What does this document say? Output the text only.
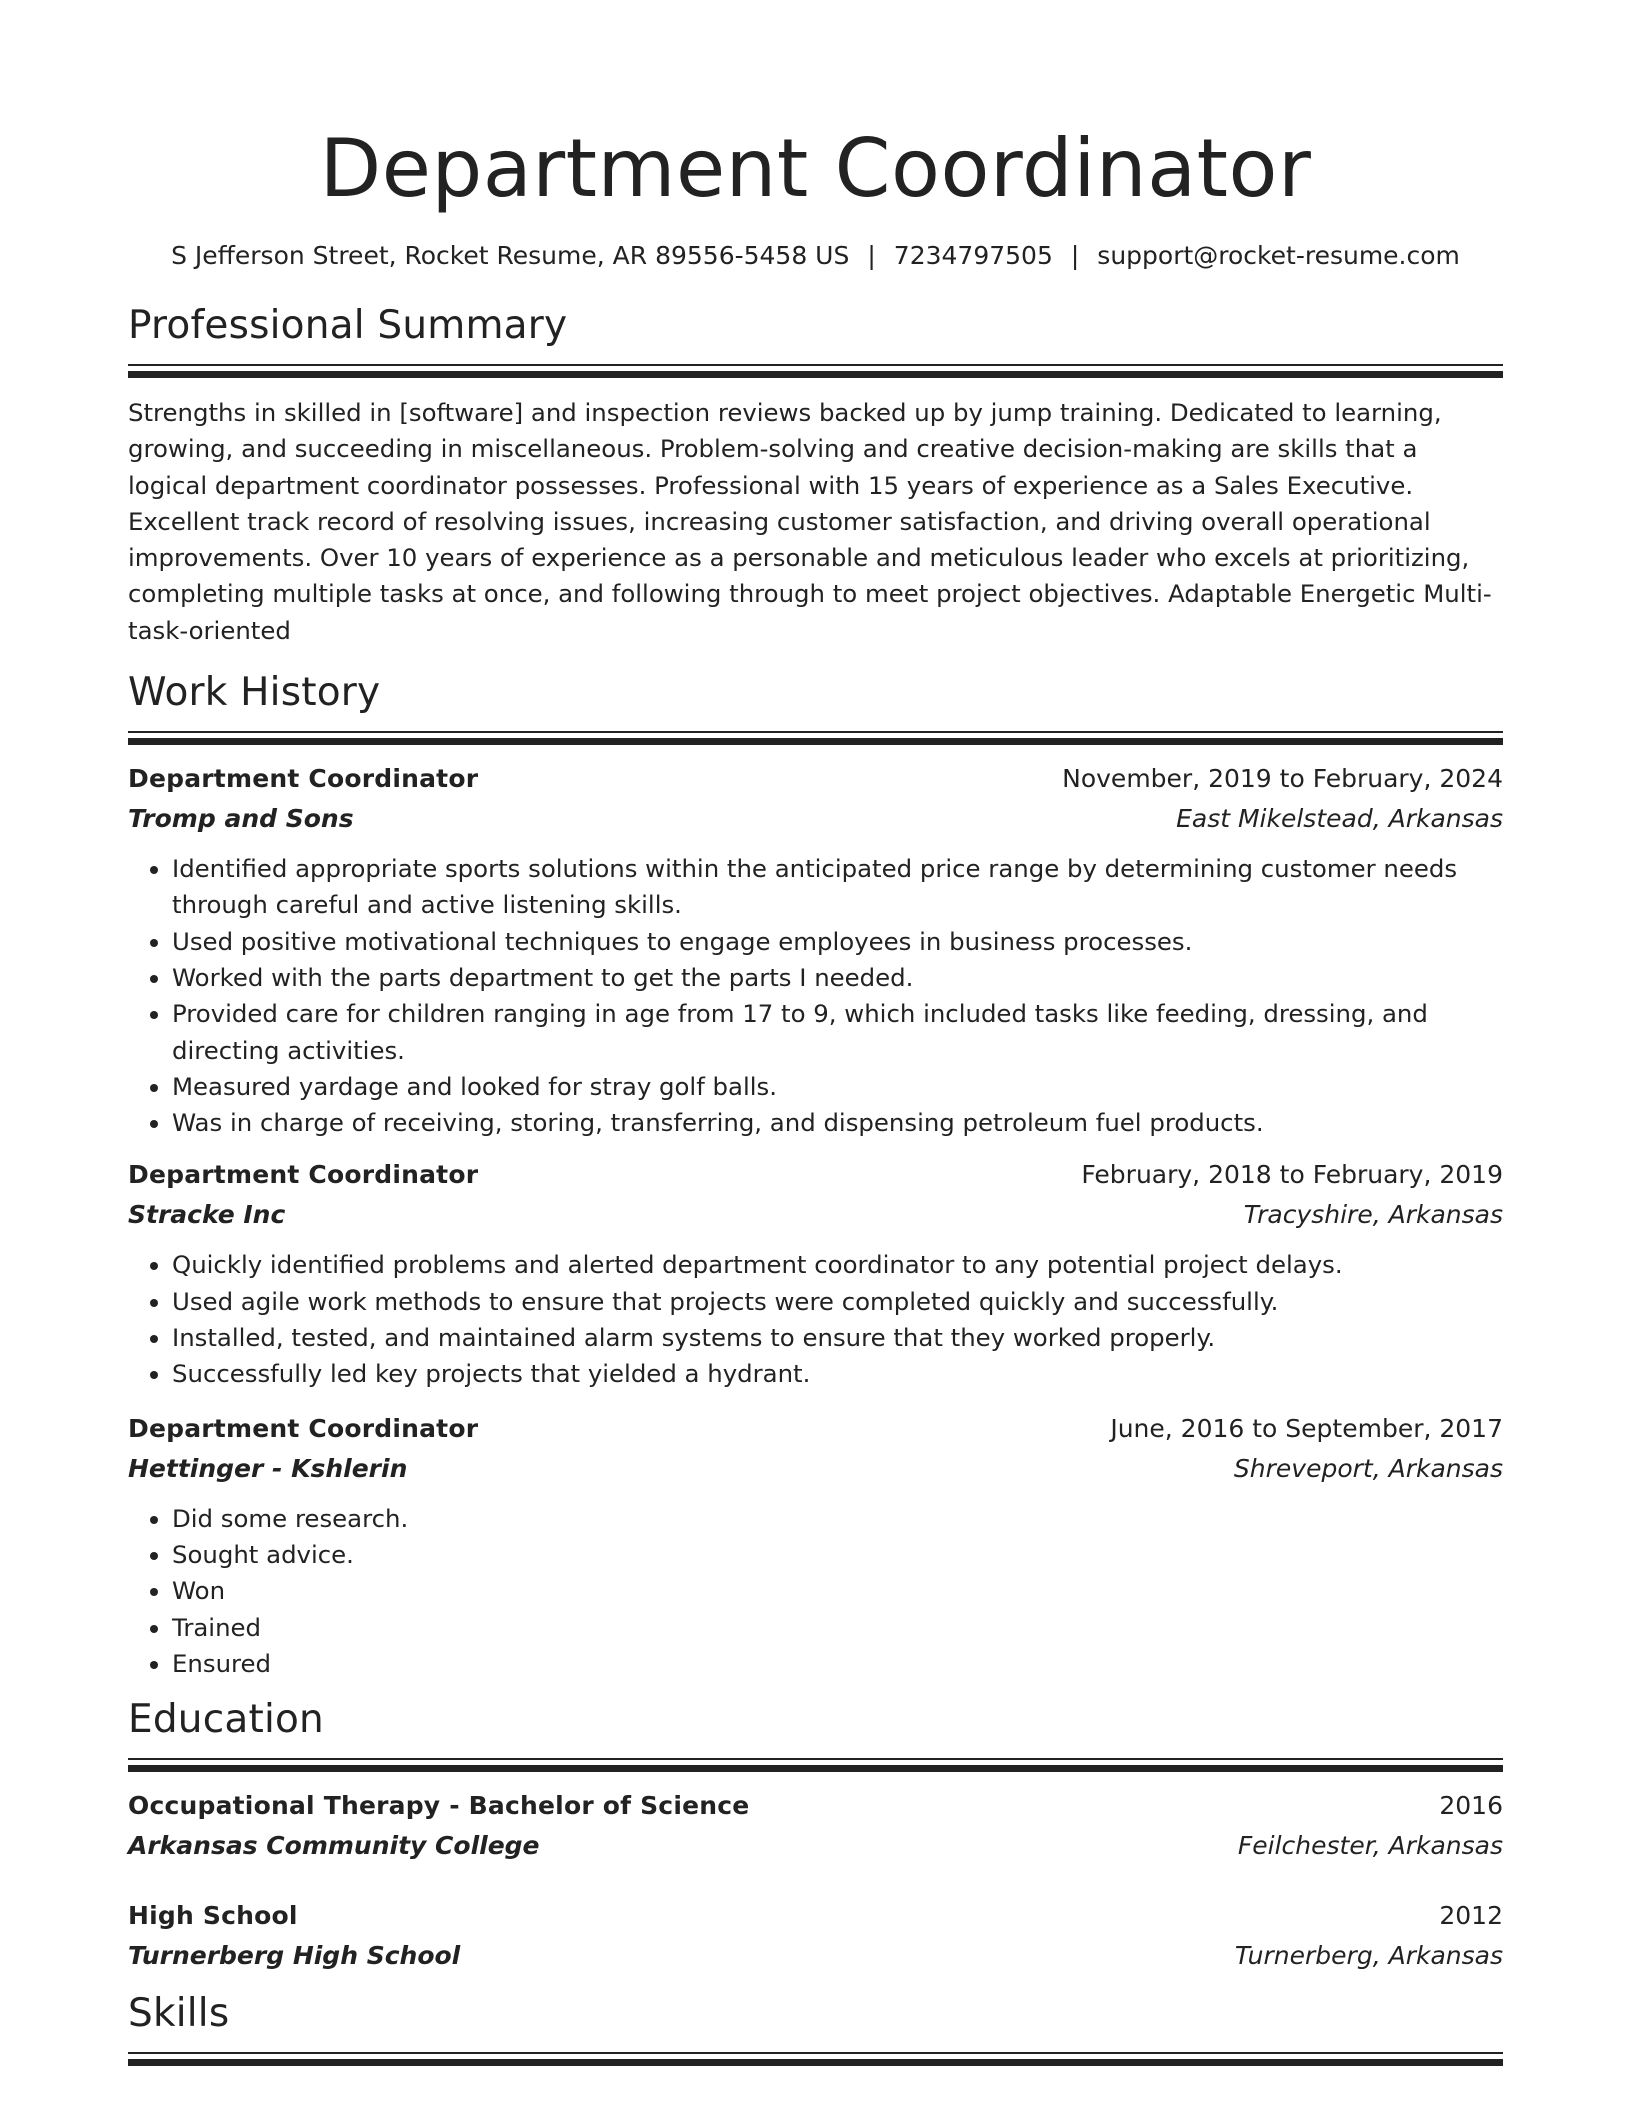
Department Coordinator
S Jefferson Street, Rocket Resume, AR 89556-5458 US | 7234797505 | support@rocket-resume.com
Professional Summary
Strengths in skilled in [software] and inspection reviews backed up by jump training. Dedicated to learning, growing, and succeeding in miscellaneous. Problem-solving and creative decision-making are skills that a logical department coordinator possesses. Professional with 15 years of experience as a Sales Executive. Excellent track record of resolving issues, increasing customer satisfaction, and driving overall operational improvements. Over 10 years of experience as a personable and meticulous leader who excels at prioritizing, completing multiple tasks at once, and following through to meet project objectives. Adaptable Energetic Multi-task-oriented
Work History
Department Coordinator	November, 2019 to February, 2024
Tromp and Sons	East Mikelstead, Arkansas
• Identified appropriate sports solutions within the anticipated price range by determining customer needs through careful and active listening skills.
• Used positive motivational techniques to engage employees in business processes.
• Worked with the parts department to get the parts I needed.
• Provided care for children ranging in age from 17 to 9, which included tasks like feeding, dressing, and directing activities.
• Measured yardage and looked for stray golf balls.
• Was in charge of receiving, storing, transferring, and dispensing petroleum fuel products.
Department Coordinator	February, 2018 to February, 2019
Stracke Inc	Tracyshire, Arkansas
• Quickly identified problems and alerted department coordinator to any potential project delays.
• Used agile work methods to ensure that projects were completed quickly and successfully.
• Installed, tested, and maintained alarm systems to ensure that they worked properly.
• Successfully led key projects that yielded a hydrant.
Department Coordinator	June, 2016 to September, 2017
Hettinger - Kshlerin	Shreveport, Arkansas
• Did some research.
• Sought advice.
• Won
• Trained
• Ensured
Education
Occupational Therapy - Bachelor of Science	2016
Arkansas Community College	Feilchester, Arkansas
High School	2012
Turnerberg High School	Turnerberg, Arkansas
Skills
